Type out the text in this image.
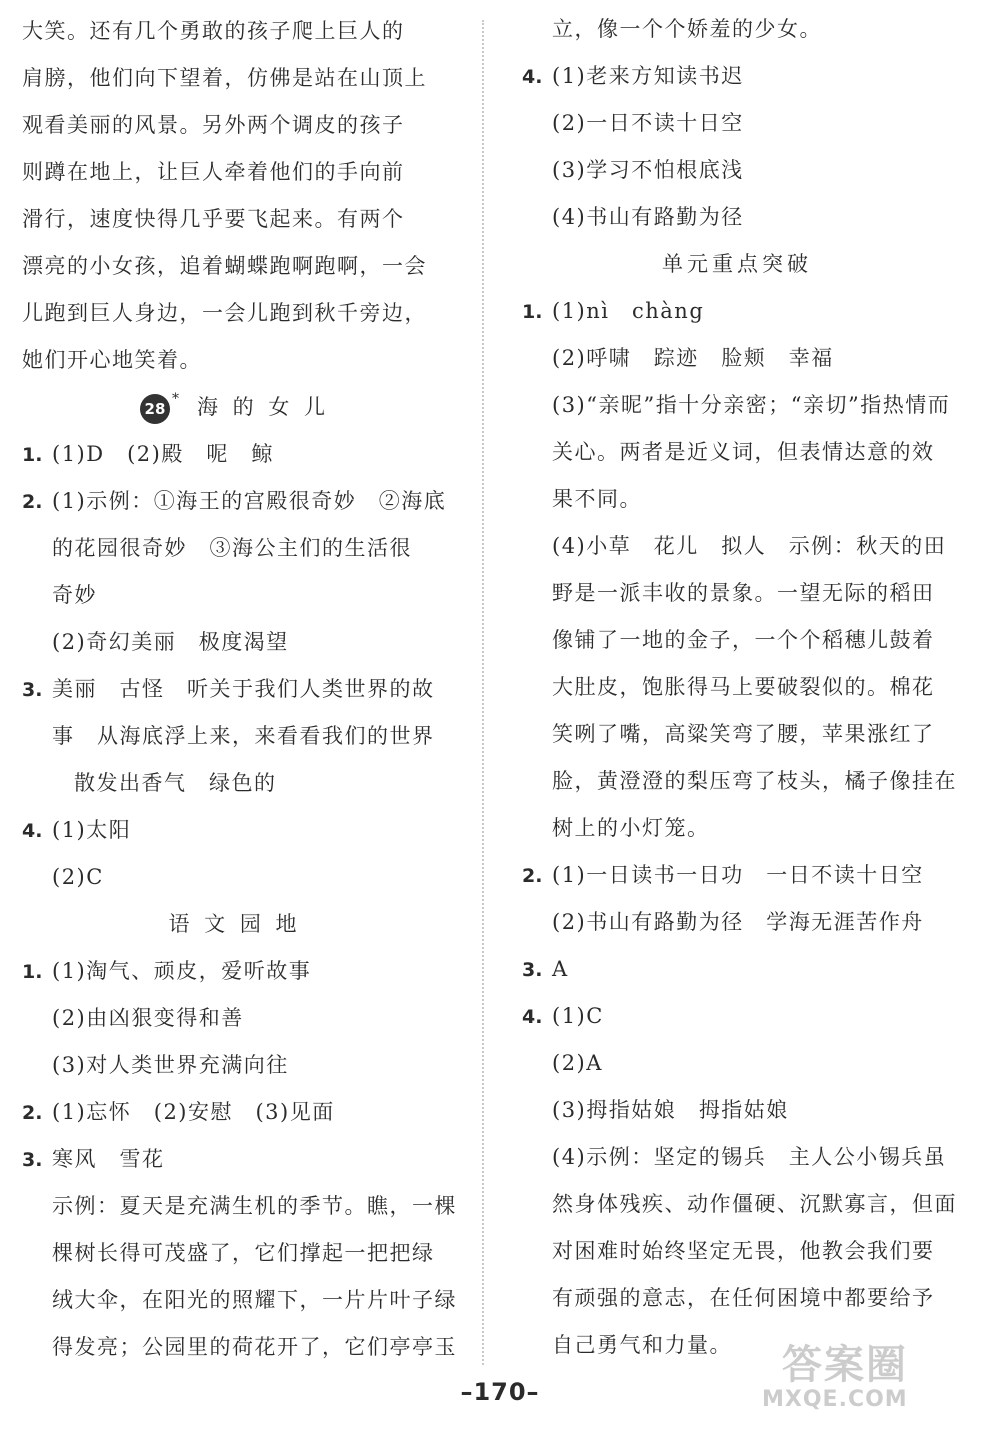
大笑。还有几个勇敢的孩子爬上巨人的
肩膀，他们向下望着，仿佛是站在山顶上
观看美丽的风景。另外两个调皮的孩子
则蹲在地上，让巨人牵着他们的手向前
滑行，速度快得几乎要飞起来。有两个
漂亮的小女孩，追着蝴蝶跑啊跑啊，一会
儿跑到巨人身边，一会儿跑到秋千旁边，
她们开心地笑着。
28* 海 的 女 儿
1. (1)D　(2)殿　呢　鲸
2. (1)示例：①海王的宫殿很奇妙　②海底
的花园很奇妙　③海公主们的生活很
奇妙
(2)奇幻美丽　极度渴望
3. 美丽　古怪　听关于我们人类世界的故
事　从海底浮上来，来看看我们的世界
散发出香气　绿色的
4. (1)太阳
(2)C
语 文 园 地
1. (1)淘气、顽皮，爱听故事
(2)由凶狠变得和善
(3)对人类世界充满向往
2. (1)忘怀　(2)安慰　(3)见面
3. 寒风　雪花
示例：夏天是充满生机的季节。瞧，一棵
棵树长得可茂盛了，它们撑起一把把绿
绒大伞，在阳光的照耀下，一片片叶子绿
得发亮；公园里的荷花开了，它们亭亭玉
立，像一个个娇羞的少女。
4. (1)老来方知读书迟
(2)一日不读十日空
(3)学习不怕根底浅
(4)书山有路勤为径
单元重点突破
1. (1)nì　chàng
(2)呼啸　踪迹　脸颊　幸福
(3)“亲昵”指十分亲密；“亲切”指热情而
关心。两者是近义词，但表情达意的效
果不同。
(4)小草　花儿　拟人　示例：秋天的田
野是一派丰收的景象。一望无际的稻田
像铺了一地的金子，一个个稻穗儿鼓着
大肚皮，饱胀得马上要破裂似的。棉花
笑咧了嘴，高粱笑弯了腰，苹果涨红了
脸，黄澄澄的梨压弯了枝头，橘子像挂在
树上的小灯笼。
2. (1)一日读书一日功　一日不读十日空
(2)书山有路勤为径　学海无涯苦作舟
3. A
4. (1)C
(2)A
(3)拇指姑娘　拇指姑娘
(4)示例：坚定的锡兵　主人公小锡兵虽
然身体残疾、动作僵硬、沉默寡言，但面
对困难时始终坚定无畏，他教会我们要
有顽强的意志，在任何困境中都要给予
自己勇气和力量。
–170–
答案圈
MXQE.COM
